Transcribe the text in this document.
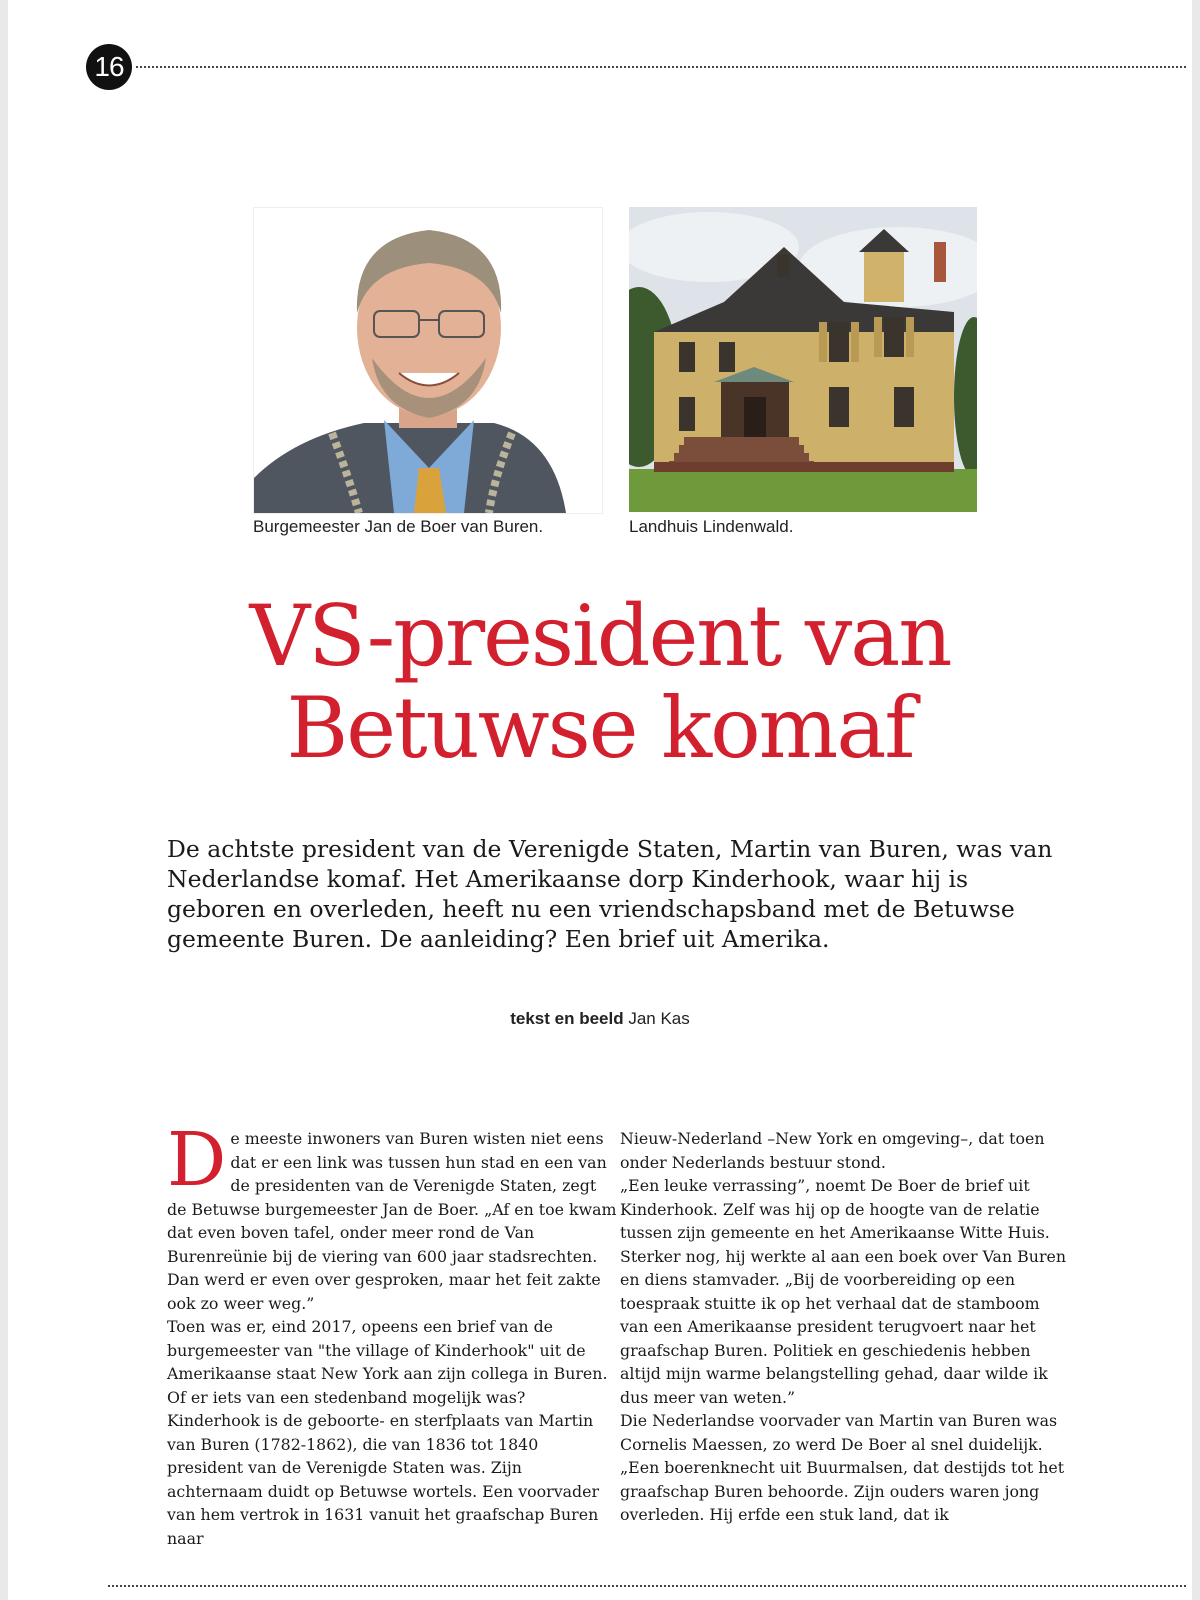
16
Burgemeester Jan de Boer van Buren.	Landhuis Lindenwald.
VS-president van
Betuwse komaf

De achtste president van de Verenigde Staten, Martin van Buren, was van Nederlandse komaf. Het Amerikaanse dorp Kinderhook, waar hij is geboren en overleden, heeft nu een vriendschapsband met de Betuwse gemeente Buren. De aanleiding? Een brief uit Amerika.

tekst en beeld Jan Kas
D e meeste inwoners van Buren wisten niet eens dat er een link was tussen hun stad en een van de presidenten van de Verenigde Staten, zegt de Betuwse burgemeester Jan de Boer. „Af en toe kwam dat even boven tafel, onder meer rond de Van Burenreünie bij de viering van 600 jaar stadsrechten. Dan werd er even over gesproken, maar het feit zakte ook zo weer weg.”

Toen was er, eind 2017, opeens een brief van de burgemeester van "the village of Kinderhook" uit de Amerikaanse staat New York aan zijn collega in Buren. Of er iets van een stedenband mogelijk was? Kinderhook is de geboorte- en sterfplaats van Martin van Buren (1782-1862), die van 1836 tot 1840 president van de Verenigde Staten was. Zijn achternaam duidt op Betuwse wortels. Een voorvader van hem vertrok in 1631 vanuit het graafschap Buren naar

Nieuw-Nederland –New York en omgeving–, dat toen onder Nederlands bestuur stond.

„Een leuke verrassing”, noemt De Boer de brief uit Kinderhook. Zelf was hij op de hoogte van de relatie tussen zijn gemeente en het Amerikaanse Witte Huis. Sterker nog, hij werkte al aan een boek over Van Buren en diens stamvader. „Bij de voorbereiding op een toespraak stuitte ik op het verhaal dat de stamboom van een Amerikaanse president terugvoert naar het graafschap Buren. Politiek en geschiedenis hebben altijd mijn warme belangstelling gehad, daar wilde ik dus meer van weten.”

Die Nederlandse voorvader van Martin van Buren was Cornelis Maessen, zo werd De Boer al snel duidelijk. „Een boerenknecht uit Buurmalsen, dat destijds tot het graafschap Buren behoorde. Zijn ouders waren jong overleden. Hij erfde een stuk land, dat ik
